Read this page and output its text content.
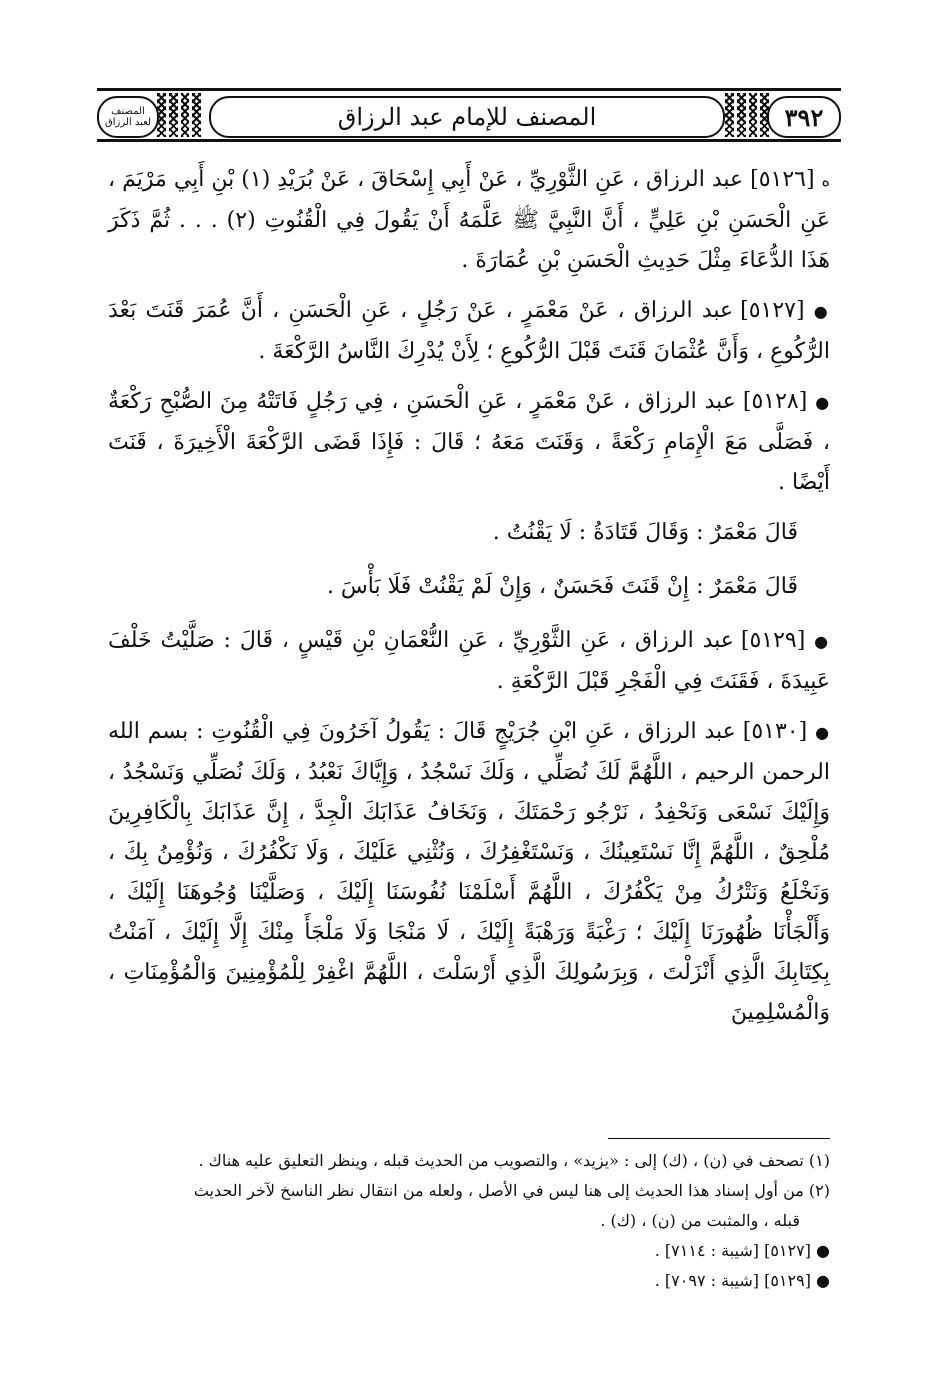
المصنف
لعبد الرزاق	المصنف للإمام عبد الرزاق	٣٩٢

ه [٥١٢٦] عبد الرزاق ، عَنِ الثَّوْرِيِّ ، عَنْ أَبِي إِسْحَاقَ ، عَنْ بُرَيْدِ (١) بْنِ أَبِي مَرْيَمَ ، عَنِ الْحَسَنِ بْنِ عَلِيٍّ ، أَنَّ النَّبِيَّ ﷺ عَلَّمَهُ أَنْ يَقُولَ فِي الْقُنُوتِ (٢) . . . ثُمَّ ذَكَرَ هَذَا الدُّعَاءَ مِثْلَ حَدِيثِ الْحَسَنِ بْنِ عُمَارَةَ .

● [٥١٢٧] عبد الرزاق ، عَنْ مَعْمَرٍ ، عَنْ رَجُلٍ ، عَنِ الْحَسَنِ ، أَنَّ عُمَرَ قَنَتَ بَعْدَ الرُّكُوعِ ، وَأَنَّ عُثْمَانَ قَنَتَ قَبْلَ الرُّكُوعِ ؛ لِأَنْ يُدْرِكَ النَّاسُ الرَّكْعَةَ .

● [٥١٢٨] عبد الرزاق ، عَنْ مَعْمَرٍ ، عَنِ الْحَسَنِ ، فِي رَجُلٍ فَاتَتْهُ مِنَ الصُّبْحِ رَكْعَةٌ ، فَصَلَّى مَعَ الْإِمَامِ رَكْعَةً ، وَقَنَتَ مَعَهُ ؛ قَالَ : فَإِذَا قَضَى الرَّكْعَةَ الْأَخِيرَةَ ، قَنَتَ أَيْضًا .

قَالَ مَعْمَرٌ : وَقَالَ قَتَادَةُ : لَا يَقْنُتُ .

قَالَ مَعْمَرٌ : إِنْ قَنَتَ فَحَسَنٌ ، وَإِنْ لَمْ يَقْنُتْ فَلَا بَأْسَ .

● [٥١٢٩] عبد الرزاق ، عَنِ الثَّوْرِيِّ ، عَنِ النُّعْمَانِ بْنِ قَيْسٍ ، قَالَ : صَلَّيْتُ خَلْفَ عَبِيدَةَ ، فَقَنَتَ فِي الْفَجْرِ قَبْلَ الرَّكْعَةِ .

● [٥١٣٠] عبد الرزاق ، عَنِ ابْنِ جُرَيْجٍ قَالَ : يَقُولُ آخَرُونَ فِي الْقُنُوتِ : بسم الله الرحمن الرحيم ، اللَّهُمَّ لَكَ نُصَلِّي ، وَلَكَ نَسْجُدُ ، وَإِيَّاكَ نَعْبُدُ ، وَلَكَ نُصَلِّي وَنَسْجُدُ ، وَإِلَيْكَ نَسْعَى وَنَحْفِدُ ، نَرْجُو رَحْمَتَكَ ، وَنَخَافُ عَذَابَكَ الْجِدَّ ، إِنَّ عَذَابَكَ بِالْكَافِرِينَ مُلْحِقٌ ، اللَّهُمَّ إِنَّا نَسْتَعِينُكَ ، وَنَسْتَغْفِرُكَ ، وَنُثْنِي عَلَيْكَ ، وَلَا نَكْفُرُكَ ، وَنُؤْمِنُ بِكَ ، وَنَخْلَعُ وَنَتْرُكُ مِنْ يَكْفُرُكَ ، اللَّهُمَّ أَسْلَمْنَا نُفُوسَنَا إِلَيْكَ ، وَصَلَّيْنَا وُجُوهَنَا إِلَيْكَ ، وَأَلْجَأْنَا ظُهُورَنَا إِلَيْكَ ؛ رَغْبَةً وَرَهْبَةً إِلَيْكَ ، لَا مَنْجَا وَلَا مَلْجَأَ مِنْكَ إِلَّا إِلَيْكَ ، آمَنْتُ بِكِتَابِكَ الَّذِي أَنْزَلْتَ ، وَبِرَسُولِكَ الَّذِي أَرْسَلْتَ ، اللَّهُمَّ اغْفِرْ لِلْمُؤْمِنِينَ وَالْمُؤْمِنَاتِ ، وَالْمُسْلِمِينَ

(١) تصحف في (ن) ، (ك) إلى : «يزيد» ، والتصويب من الحديث قبله ، وينظر التعليق عليه هناك .
(٢) من أول إسناد هذا الحديث إلى هنا ليس في الأصل ، ولعله من انتقال نظر الناسخ لآخر الحديث
قبله ، والمثبت من (ن) ، (ك) .
● [٥١٢٧] [شيبة : ٧١١٤] .
● [٥١٢٩] [شيبة : ٧٠٩٧] .
